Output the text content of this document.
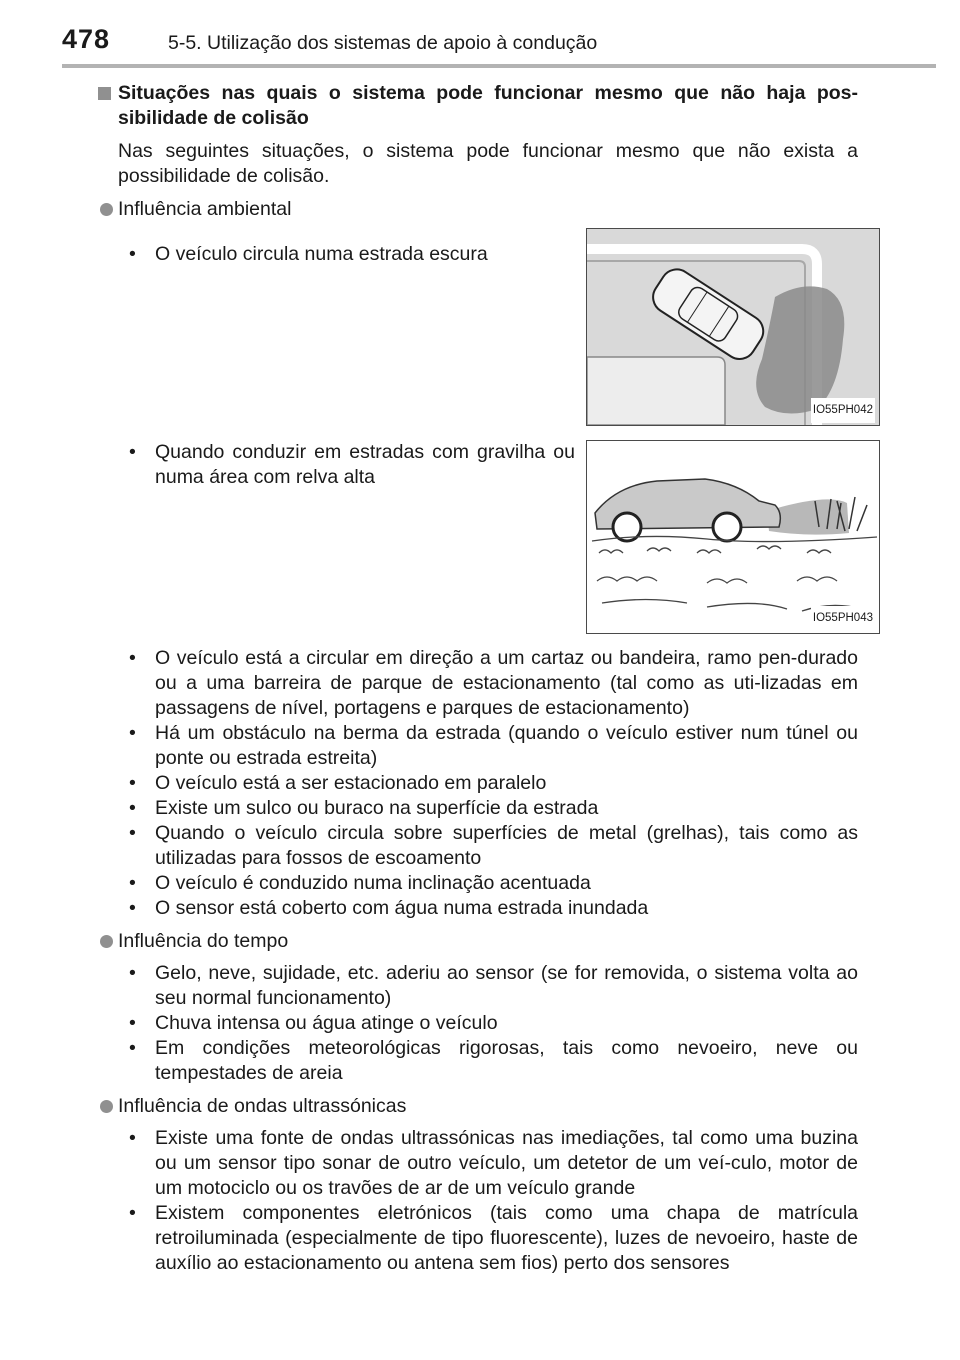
478	5-5. Utilização dos sistemas de apoio à condução
Situações nas quais o sistema pode funcionar mesmo que não haja pos-sibilidade de colisão
Nas seguintes situações, o sistema pode funcionar mesmo que não exista a possibilidade de colisão.
Influência ambiental
• O veículo circula numa estrada escura
IO55PH042
• Quando conduzir em estradas com gravilha ou numa área com relva alta
IO55PH043
• O veículo está a circular em direção a um cartaz ou bandeira, ramo pen-durado ou a uma barreira de parque de estacionamento (tal como as uti-lizadas em passagens de nível, portagens e parques de estacionamento)
• Há um obstáculo na berma da estrada (quando o veículo estiver num túnel ou ponte ou estrada estreita)
• O veículo está a ser estacionado em paralelo
• Existe um sulco ou buraco na superfície da estrada
• Quando o veículo circula sobre superfícies de metal (grelhas), tais como as utilizadas para fossos de escoamento
• O veículo é conduzido numa inclinação acentuada
• O sensor está coberto com água numa estrada inundada
Influência do tempo
• Gelo, neve, sujidade, etc. aderiu ao sensor (se for removida, o sistema volta ao seu normal funcionamento)
• Chuva intensa ou água atinge o veículo
• Em condições meteorológicas rigorosas, tais como nevoeiro, neve ou tempestades de areia
Influência de ondas ultrassónicas
• Existe uma fonte de ondas ultrassónicas nas imediações, tal como uma buzina ou um sensor tipo sonar de outro veículo, um detetor de um veí-culo, motor de um motociclo ou os travões de ar de um veículo grande
• Existem componentes eletrónicos (tais como uma chapa de matrícula retroiluminada (especialmente de tipo fluorescente), luzes de nevoeiro, haste de auxílio ao estacionamento ou antena sem fios) perto dos sensores
